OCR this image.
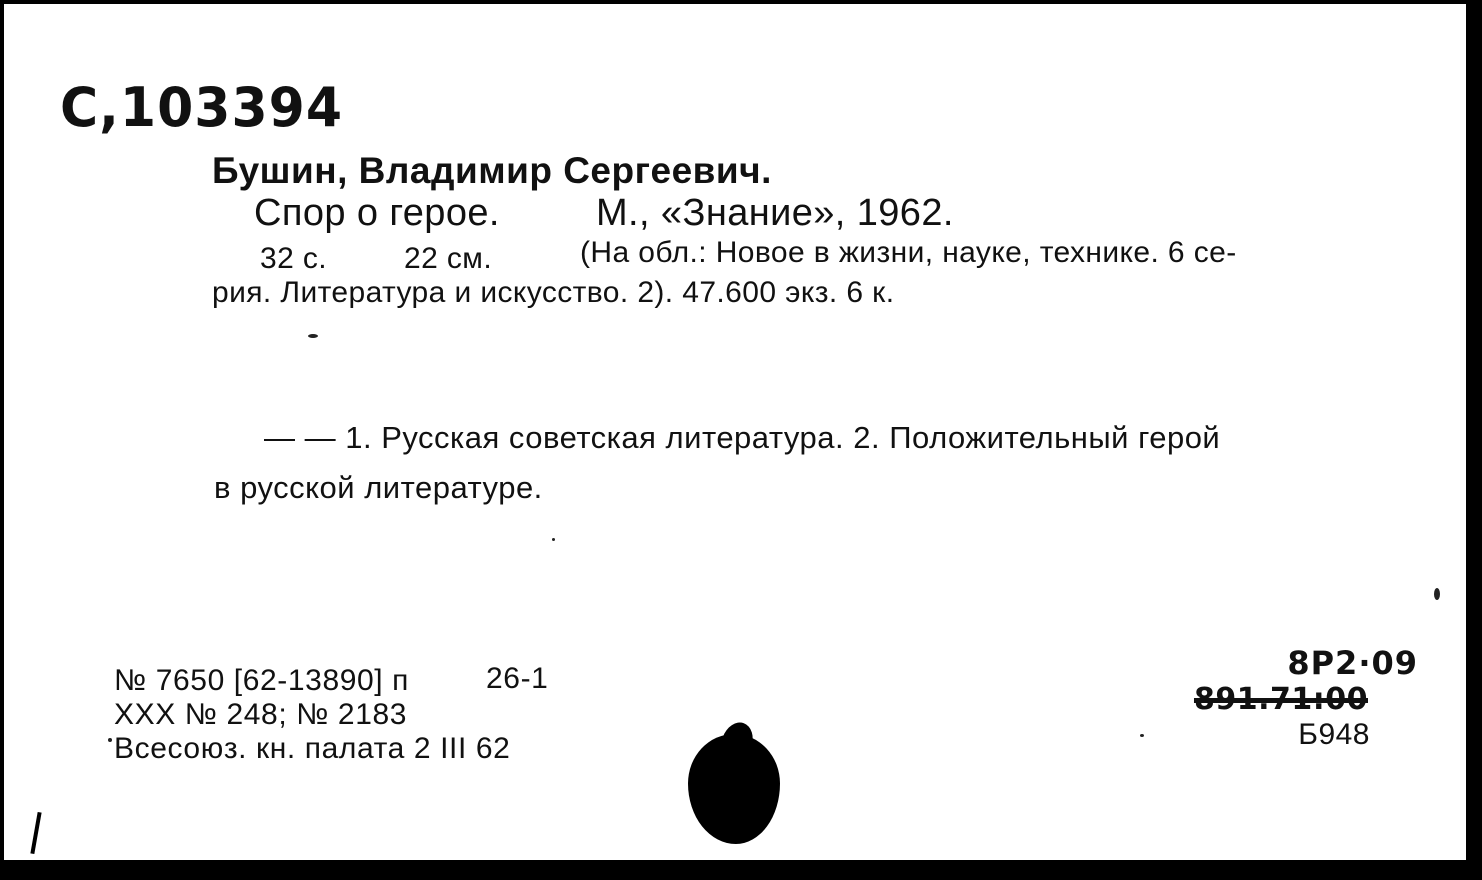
С,103394
Бушин, Владимир Сергеевич.
Спор о герое.	М., «Знание», 1962.
32 с.	22 см.	(На обл.: Новое в жизни, науке, технике. 6 се-
рия. Литература и искусство. 2). 47.600 экз. 6 к.
— — 1. Русская советская литература. 2. Положительный герой
в русской литературе.
№ 7650 [62-13890] п	26-1
XXX № 248; № 2183
Всесоюз. кн. палата 2 III 62
8Р2·09
891.71:00
Б948
